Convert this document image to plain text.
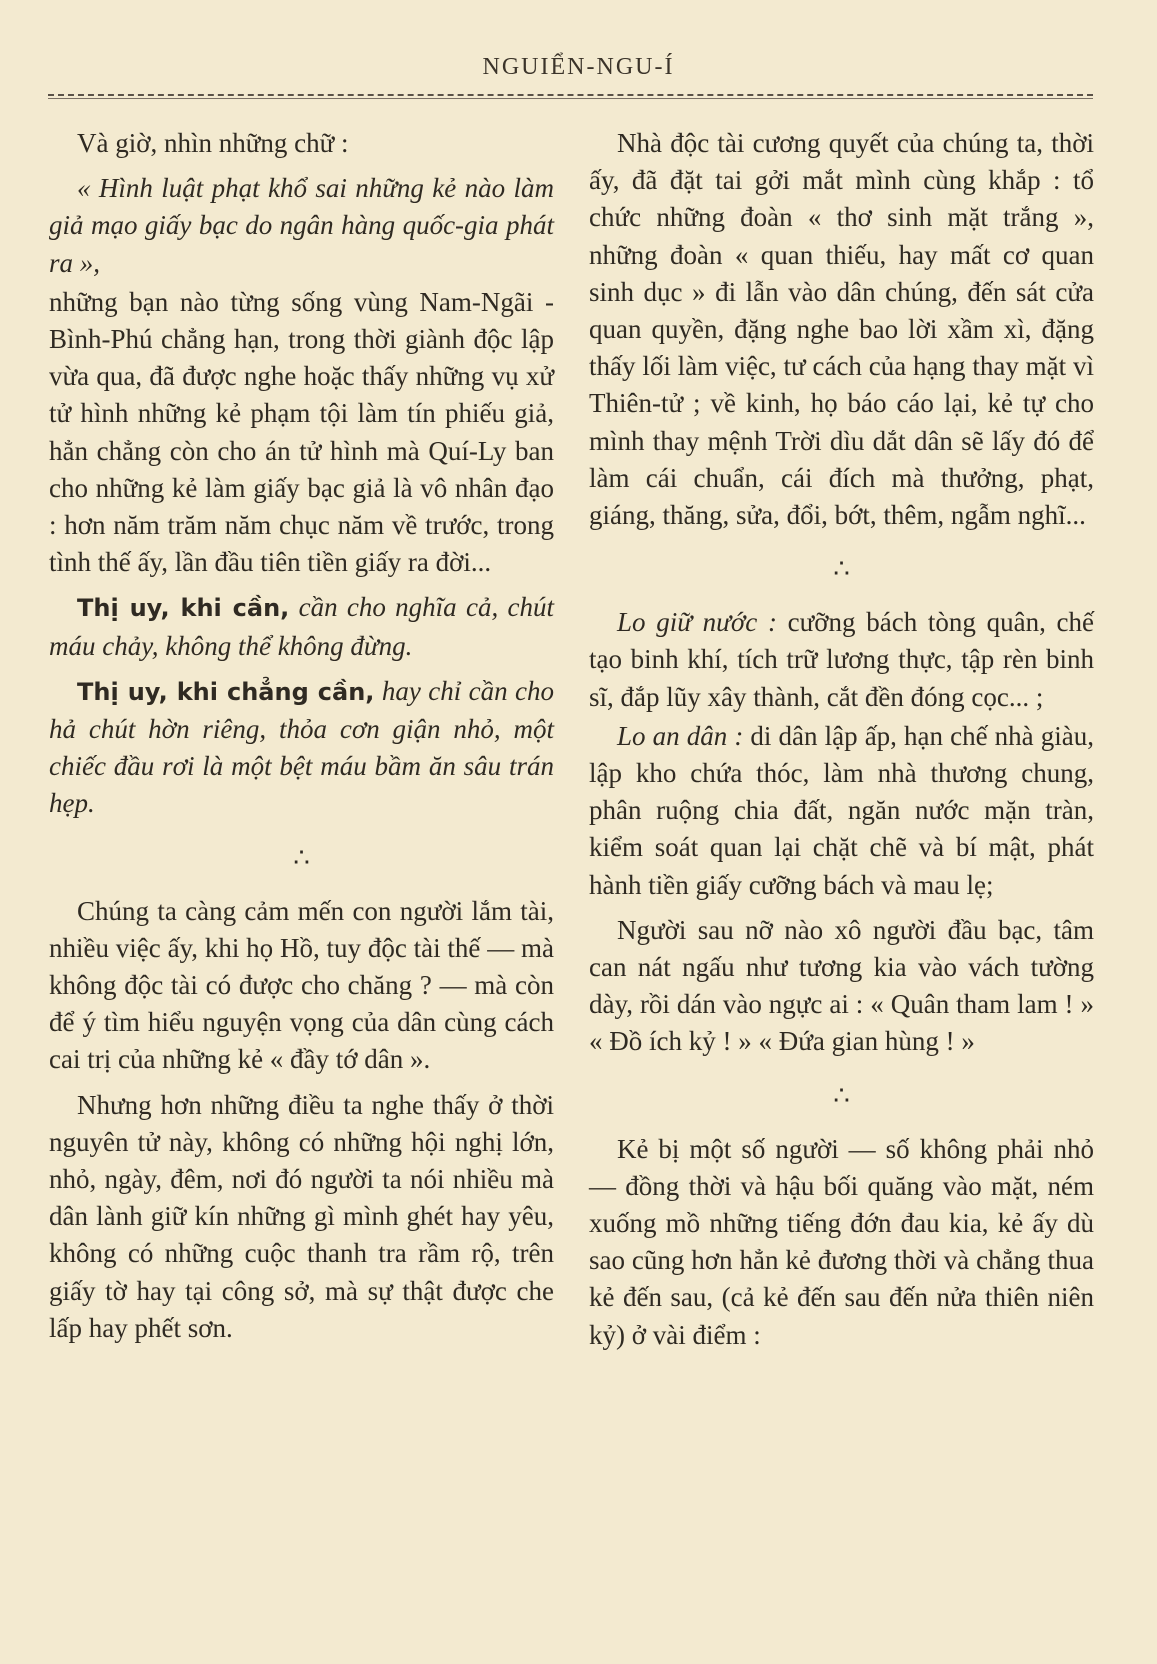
NGUIỂN-NGU-Í

Và giờ, nhìn những chữ :

« Hình luật phạt khổ sai những kẻ nào làm giả mạo giấy bạc do ngân hàng quốc-gia phát ra »,

những bạn nào từng sống vùng Nam-Ngãi - Bình-Phú chẳng hạn, trong thời giành độc lập vừa qua, đã được nghe hoặc thấy những vụ xử tử hình những kẻ phạm tội làm tín phiếu giả, hẳn chẳng còn cho án tử hình mà Quí-Ly ban cho những kẻ làm giấy bạc giả là vô nhân đạo : hơn năm trăm năm chục năm về trước, trong tình thế ấy, lần đầu tiên tiền giấy ra đời...

Thị uy, khi cần, cần cho nghĩa cả, chút máu chảy, không thể không đừng.

Thị uy, khi chẳng cần, hay chỉ cần cho hả chút hờn riêng, thỏa cơn giận nhỏ, một chiếc đầu rơi là một bệt máu bầm ăn sâu trán hẹp.

∴

Chúng ta càng cảm mến con người lắm tài, nhiều việc ấy, khi họ Hồ, tuy độc tài thế — mà không độc tài có được cho chăng ? — mà còn để ý tìm hiểu nguyện vọng của dân cùng cách cai trị của những kẻ « đầy tớ dân ».

Nhưng hơn những điều ta nghe thấy ở thời nguyên tử này, không có những hội nghị lớn, nhỏ, ngày, đêm, nơi đó người ta nói nhiều mà dân lành giữ kín những gì mình ghét hay yêu, không có những cuộc thanh tra rầm rộ, trên giấy tờ hay tại công sở, mà sự thật được che lấp hay phết sơn.

Nhà độc tài cương quyết của chúng ta, thời ấy, đã đặt tai gởi mắt mình cùng khắp : tổ chức những đoàn « thơ sinh mặt trắng », những đoàn « quan thiếu, hay mất cơ quan sinh dục » đi lẫn vào dân chúng, đến sát cửa quan quyền, đặng nghe bao lời xầm xì, đặng thấy lối làm việc, tư cách của hạng thay mặt vì Thiên-tử ; về kinh, họ báo cáo lại, kẻ tự cho mình thay mệnh Trời dìu dắt dân sẽ lấy đó để làm cái chuẩn, cái đích mà thưởng, phạt, giáng, thăng, sửa, đổi, bớt, thêm, ngẫm nghĩ...

∴

Lo giữ nước : cưỡng bách tòng quân, chế tạo binh khí, tích trữ lương thực, tập rèn binh sĩ, đắp lũy xây thành, cắt đền đóng cọc... ;

Lo an dân : di dân lập ấp, hạn chế nhà giàu, lập kho chứa thóc, làm nhà thương chung, phân ruộng chia đất, ngăn nước mặn tràn, kiểm soát quan lại chặt chẽ và bí mật, phát hành tiền giấy cưỡng bách và mau lẹ;

Người sau nỡ nào xô người đầu bạc, tâm can nát ngấu như tương kia vào vách tường dày, rồi dán vào ngực ai : « Quân tham lam ! » « Đồ ích kỷ ! » « Đứa gian hùng ! »

∴

Kẻ bị một số người — số không phải nhỏ — đồng thời và hậu bối quăng vào mặt, ném xuống mồ những tiếng đớn đau kia, kẻ ấy dù sao cũng hơn hẳn kẻ đương thời và chẳng thua kẻ đến sau, (cả kẻ đến sau đến nửa thiên niên kỷ) ở vài điểm :
